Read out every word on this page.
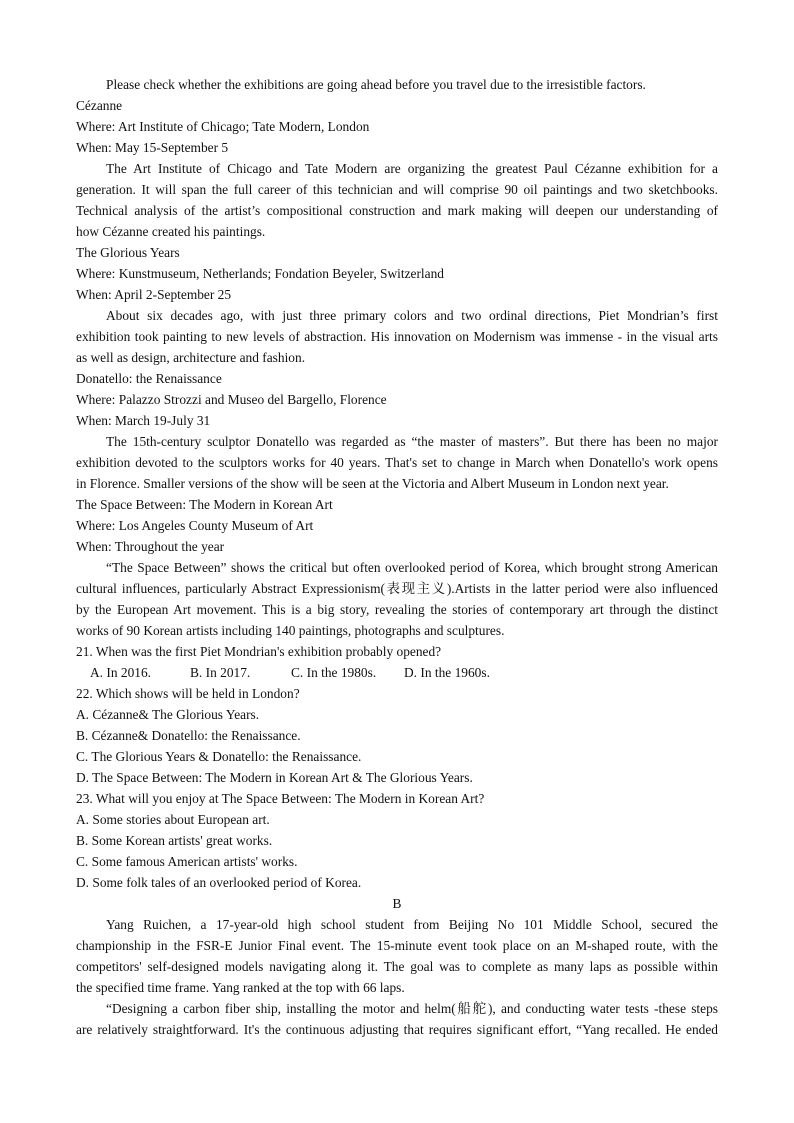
Please check whether the exhibitions are going ahead before you travel due to the irresistible factors.
Cézanne
Where: Art Institute of Chicago; Tate Modern, London
When: May 15-September 5
The Art Institute of Chicago and Tate Modern are organizing the greatest Paul Cézanne exhibition for a
generation. It will span the full career of this technician and will comprise 90 oil paintings and two sketchbooks.
Technical analysis of the artist’s compositional construction and mark making will deepen our understanding of
how Cézanne created his paintings.
The Glorious Years
Where: Kunstmuseum, Netherlands; Fondation Beyeler, Switzerland
When: April 2-September 25
About six decades ago, with just three primary colors and two ordinal directions, Piet Mondrian’s first
exhibition took painting to new levels of abstraction. His innovation on Modernism was immense - in the visual arts
as well as design, architecture and fashion.
Donatello: the Renaissance
Where: Palazzo Strozzi and Museo del Bargello, Florence
When: March 19-July 31
The 15th-century sculptor Donatello was regarded as “the master of masters”. But there has been no major
exhibition devoted to the sculptors works for 40 years. That's set to change in March when Donatello's work opens
in Florence. Smaller versions of the show will be seen at the Victoria and Albert Museum in London next year.
The Space Between: The Modern in Korean Art
Where: Los Angeles County Museum of Art
When: Throughout the year
“The Space Between” shows the critical but often overlooked period of Korea, which brought strong American
cultural influences, particularly Abstract Expressionism(表现主义).Artists in the latter period were also influenced
by the European Art movement. This is a big story, revealing the stories of contemporary art through the distinct
works of 90 Korean artists including 140 paintings, photographs and sculptures.
21. When was the first Piet Mondrian's exhibition probably opened?
A. In 2016.	B. In 2017.	C. In the 1980s. D. In the 1960s.
22. Which shows will be held in London?
A. Cézanne& The Glorious Years.
B. Cézanne& Donatello: the Renaissance.
C. The Glorious Years & Donatello: the Renaissance.
D. The Space Between: The Modern in Korean Art & The Glorious Years.
23. What will you enjoy at The Space Between: The Modern in Korean Art?
A. Some stories about European art.
B. Some Korean artists' great works.
C. Some famous American artists' works.
D. Some folk tales of an overlooked period of Korea.
B
Yang Ruichen, a 17-year-old high school student from Beijing No 101 Middle School, secured the
championship in the FSR-E Junior Final event. The 15-minute event took place on an M-shaped route, with the
competitors' self-designed models navigating along it. The goal was to complete as many laps as possible within
the specified time frame. Yang ranked at the top with 66 laps.
“Designing a carbon fiber ship, installing the motor and helm(船舵), and conducting water tests -these steps
are relatively straightforward. It's the continuous adjusting that requires significant effort, “Yang recalled. He ended
